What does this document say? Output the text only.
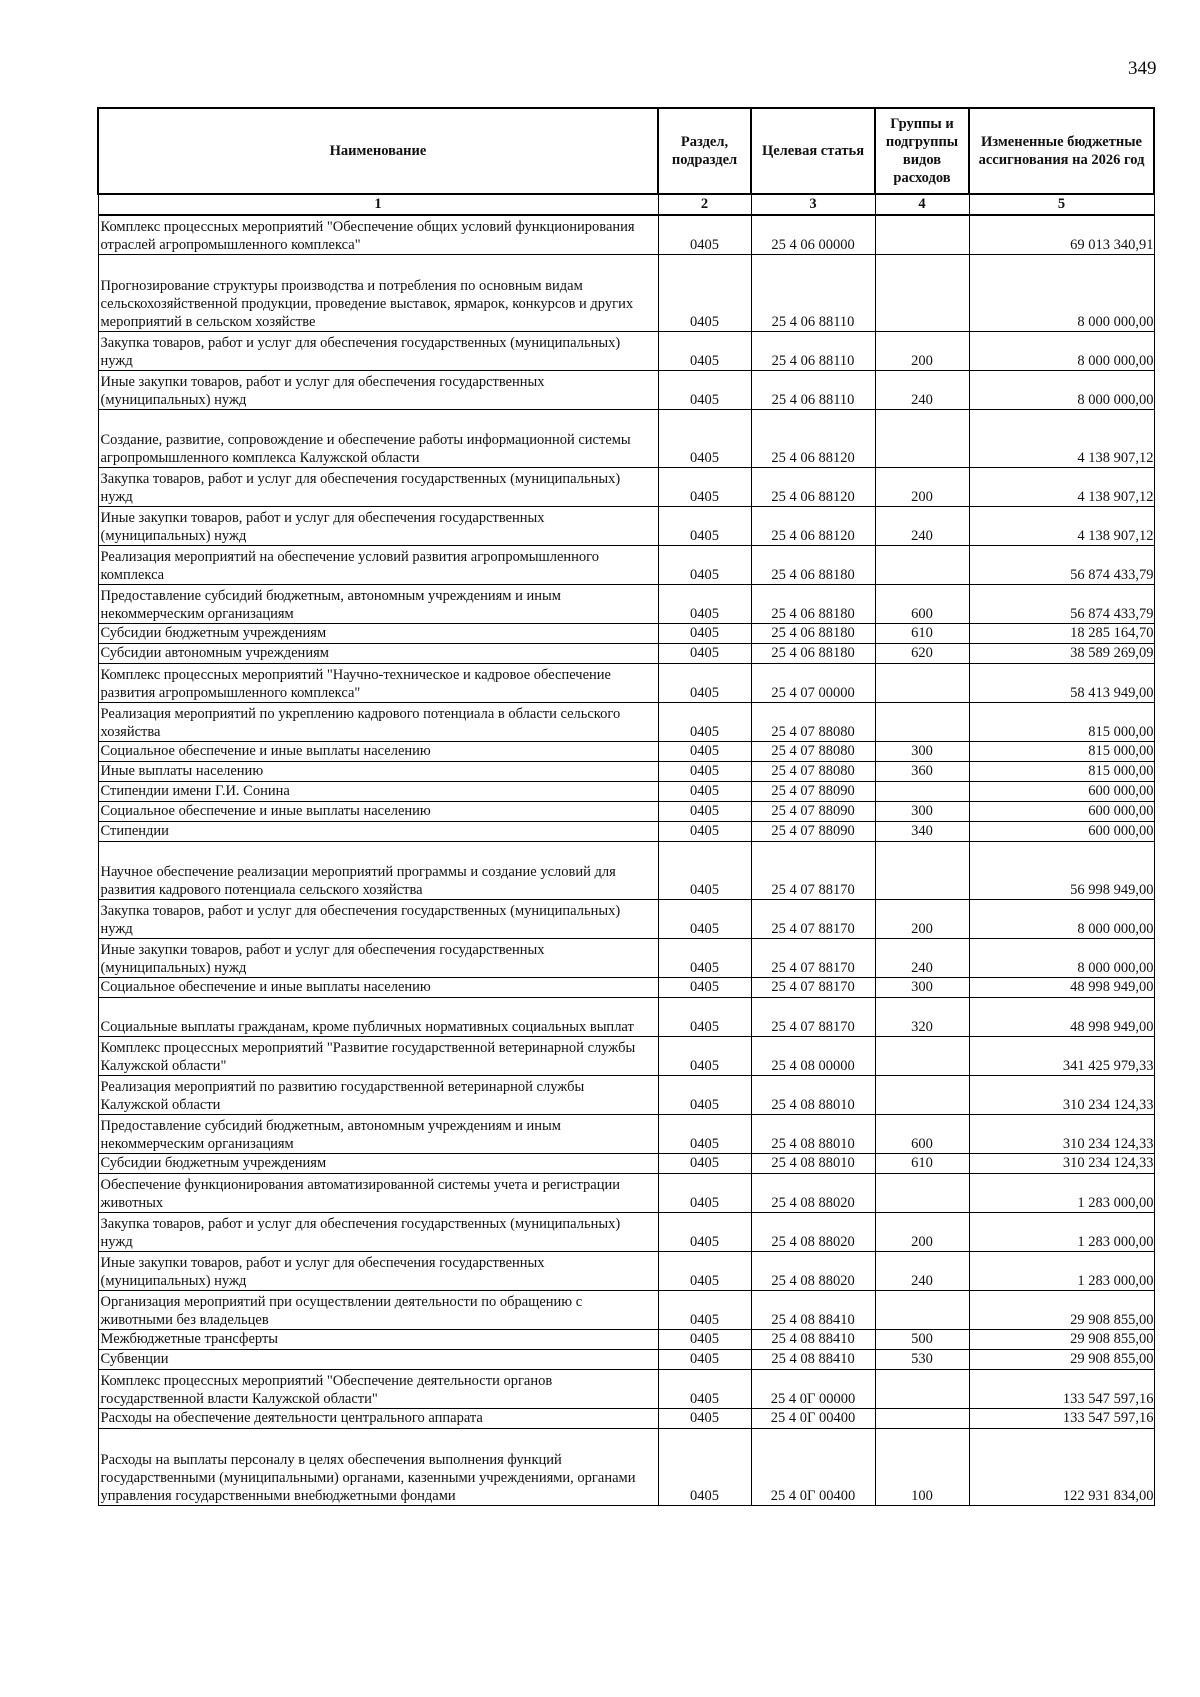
349
Наименование	Раздел, подраздел	Целевая статья	Группы и подгруппы видов расходов	Измененные бюджетные ассигнования на 2026 год
1	2	3	4	5
Комплекс процессных мероприятий "Обеспечение общих условий функционирования отраслей агропромышленного комплекса"	0405	25 4 06 00000		69 013 340,91
Прогнозирование структуры производства и потребления по основным видам сельскохозяйственной продукции, проведение выставок, ярмарок, конкурсов и других мероприятий в сельском хозяйстве	0405	25 4 06 88110		8 000 000,00
Закупка товаров, работ и услуг для обеспечения государственных (муниципальных) нужд	0405	25 4 06 88110	200	8 000 000,00
Иные закупки товаров, работ и услуг для обеспечения государственных (муниципальных) нужд	0405	25 4 06 88110	240	8 000 000,00
Создание, развитие, сопровождение и обеспечение работы информационной системы агропромышленного комплекса Калужской области	0405	25 4 06 88120		4 138 907,12
Закупка товаров, работ и услуг для обеспечения государственных (муниципальных) нужд	0405	25 4 06 88120	200	4 138 907,12
Иные закупки товаров, работ и услуг для обеспечения государственных (муниципальных) нужд	0405	25 4 06 88120	240	4 138 907,12
Реализация мероприятий на обеспечение условий развития агропромышленного комплекса	0405	25 4 06 88180		56 874 433,79
Предоставление субсидий бюджетным, автономным учреждениям и иным некоммерческим организациям	0405	25 4 06 88180	600	56 874 433,79
Субсидии бюджетным учреждениям	0405	25 4 06 88180	610	18 285 164,70
Субсидии автономным учреждениям	0405	25 4 06 88180	620	38 589 269,09
Комплекс процессных мероприятий "Научно-техническое и кадровое обеспечение развития агропромышленного комплекса"	0405	25 4 07 00000		58 413 949,00
Реализация мероприятий по укреплению кадрового потенциала в области сельского хозяйства	0405	25 4 07 88080		815 000,00
Социальное обеспечение и иные выплаты населению	0405	25 4 07 88080	300	815 000,00
Иные выплаты населению	0405	25 4 07 88080	360	815 000,00
Стипендии имени Г.И. Сонина	0405	25 4 07 88090		600 000,00
Социальное обеспечение и иные выплаты населению	0405	25 4 07 88090	300	600 000,00
Стипендии	0405	25 4 07 88090	340	600 000,00
Научное обеспечение реализации мероприятий программы и создание условий для развития кадрового потенциала сельского хозяйства	0405	25 4 07 88170		56 998 949,00
Закупка товаров, работ и услуг для обеспечения государственных (муниципальных) нужд	0405	25 4 07 88170	200	8 000 000,00
Иные закупки товаров, работ и услуг для обеспечения государственных (муниципальных) нужд	0405	25 4 07 88170	240	8 000 000,00
Социальное обеспечение и иные выплаты населению	0405	25 4 07 88170	300	48 998 949,00
Социальные выплаты гражданам, кроме публичных нормативных социальных выплат	0405	25 4 07 88170	320	48 998 949,00
Комплекс процессных мероприятий "Развитие государственной ветеринарной службы Калужской области"	0405	25 4 08 00000		341 425 979,33
Реализация мероприятий по развитию государственной ветеринарной службы Калужской области	0405	25 4 08 88010		310 234 124,33
Предоставление субсидий бюджетным, автономным учреждениям и иным некоммерческим организациям	0405	25 4 08 88010	600	310 234 124,33
Субсидии бюджетным учреждениям	0405	25 4 08 88010	610	310 234 124,33
Обеспечение функционирования автоматизированной системы учета и регистрации животных	0405	25 4 08 88020		1 283 000,00
Закупка товаров, работ и услуг для обеспечения государственных (муниципальных) нужд	0405	25 4 08 88020	200	1 283 000,00
Иные закупки товаров, работ и услуг для обеспечения государственных (муниципальных) нужд	0405	25 4 08 88020	240	1 283 000,00
Организация мероприятий при осуществлении деятельности по обращению с животными без владельцев	0405	25 4 08 88410		29 908 855,00
Межбюджетные трансферты	0405	25 4 08 88410	500	29 908 855,00
Субвенции	0405	25 4 08 88410	530	29 908 855,00
Комплекс процессных мероприятий "Обеспечение деятельности органов государственной власти Калужской области"	0405	25 4 0Г 00000		133 547 597,16
Расходы на обеспечение деятельности центрального аппарата	0405	25 4 0Г 00400		133 547 597,16
Расходы на выплаты персоналу в целях обеспечения выполнения функций государственными (муниципальными) органами, казенными учреждениями, органами управления государственными внебюджетными фондами	0405	25 4 0Г 00400	100	122 931 834,00
